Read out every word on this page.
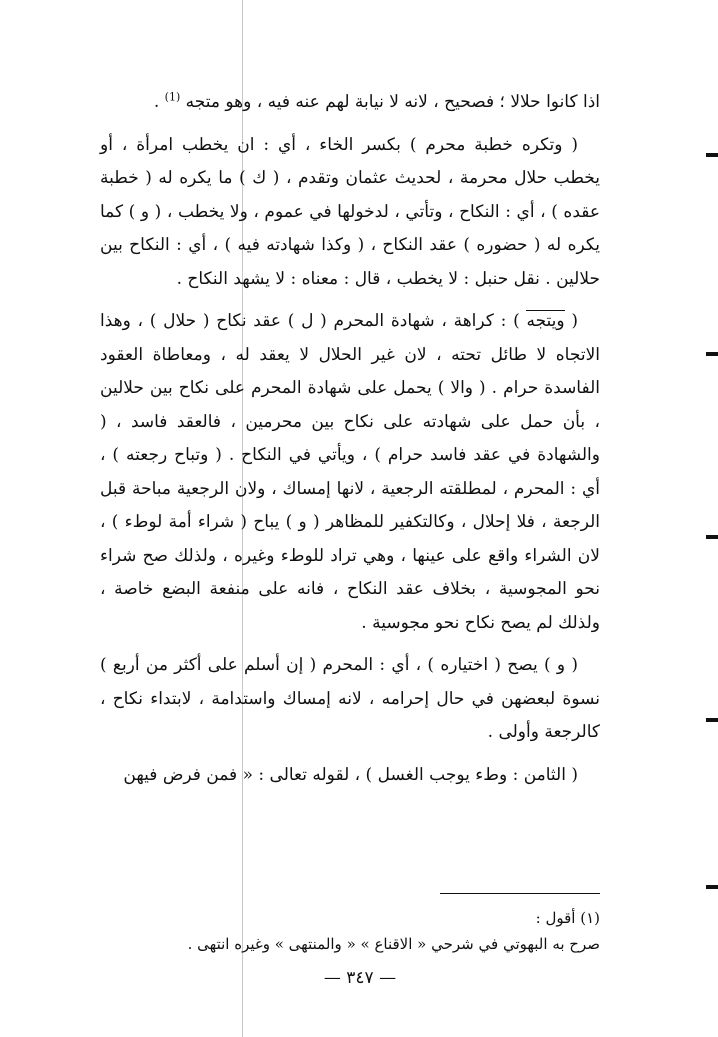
اذا كانوا حلالا ؛ فصحيح ، لانه لا نيابة لهم عنه فيه ، وهو متجه $^{(1)}$ .

( وتكره خطبة محرم ) بكسر الخاء ، أي : ان يخطب امرأة ، أو يخطب حلال محرمة ، لحديث عثمان وتقدم ، ( ك ) ما يكره له ( خطبة عقده ) ، أي : النكاح ، وتأتي ، لدخولها في عموم ، ولا يخطب ، ( و ) كما يكره له ( حضوره ) عقد النكاح ، ( وكذا شهادته فيه ) ، أي : النكاح بين حلالين . نقل حنبل : لا يخطب ، قال : معناه : لا يشهد النكاح .

( ويتجه ) : كراهة ، شهادة المحرم ( ل ) عقد نكاح ( حلال ) ، وهذا الاتجاه لا طائل تحته ، لان غير الحلال لا يعقد له ، ومعاطاة العقود الفاسدة حرام . ( والا ) يحمل على شهادة المحرم على نكاح بين حلالين ، بأن حمل على شهادته على نكاح بين محرمين ، فالعقد فاسد ، ( والشهادة في عقد فاسد حرام ) ، ويأتي في النكاح . ( وتباح رجعته ) ، أي : المحرم ، لمطلقته الرجعية ، لانها إمساك ، ولان الرجعية مباحة قبل الرجعة ، فلا إحلال ، وكالتكفير للمظاهر ( و ) يباح ( شراء أمة لوطء ) ، لان الشراء واقع على عينها ، وهي تراد للوطء وغيره ، ولذلك صح شراء نحو المجوسية ، بخلاف عقد النكاح ، فانه على منفعة البضع خاصة ، ولذلك لم يصح نكاح نحو مجوسية .

( و ) يصح ( اختياره ) ، أي : المحرم ( إن أسلم على أكثر من أربع ) نسوة لبعضهن في حال إحرامه ، لانه إمساك واستدامة ، لابتداء نكاح ، كالرجعة وأولى .

( الثامن : وطء يوجب الغسل ) ، لقوله تعالى : « فمن فرض فيهن

(١) أقول :
صرح به البهوتي في شرحي « الاقناع » « والمنتهى » وغيره انتهى .
— ٣٤٧ —
